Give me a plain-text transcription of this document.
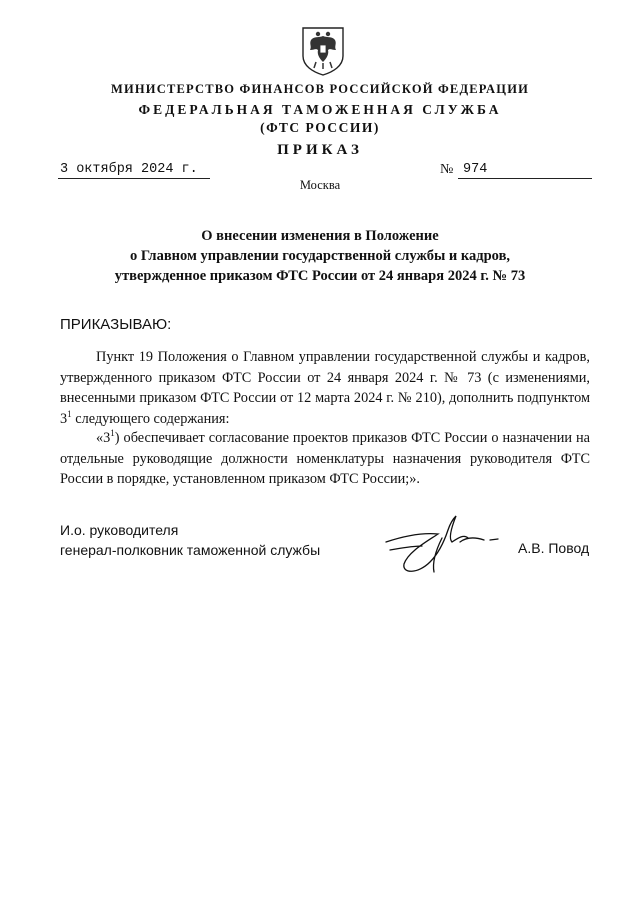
МИНИСТЕРСТВО ФИНАНСОВ РОССИЙСКОЙ ФЕДЕРАЦИИ
ФЕДЕРАЛЬНАЯ ТАМОЖЕННАЯ СЛУЖБА
(ФТС РОССИИ)
ПРИКАЗ
3 октября 2024 г.	№ 974
Москва
О внесении изменения в Положение
о Главном управлении государственной службы и кадров,
утвержденное приказом ФТС России от 24 января 2024 г. № 73
ПРИКАЗЫВАЮ:
Пункт 19 Положения о Главном управлении государственной службы и кадров, утвержденного приказом ФТС России от 24 января 2024 г. № 73 (с изменениями, внесенными приказом ФТС России от 12 марта 2024 г. № 210), дополнить подпунктом $3^1$ следующего содержания:
«$3^1$) обеспечивает согласование проектов приказов ФТС России о назначении на отдельные руководящие должности номенклатуры назначения руководителя ФТС России в порядке, установленном приказом ФТС России;».
И.о. руководителя
генерал-полковник таможенной службы	А.В. Повод
